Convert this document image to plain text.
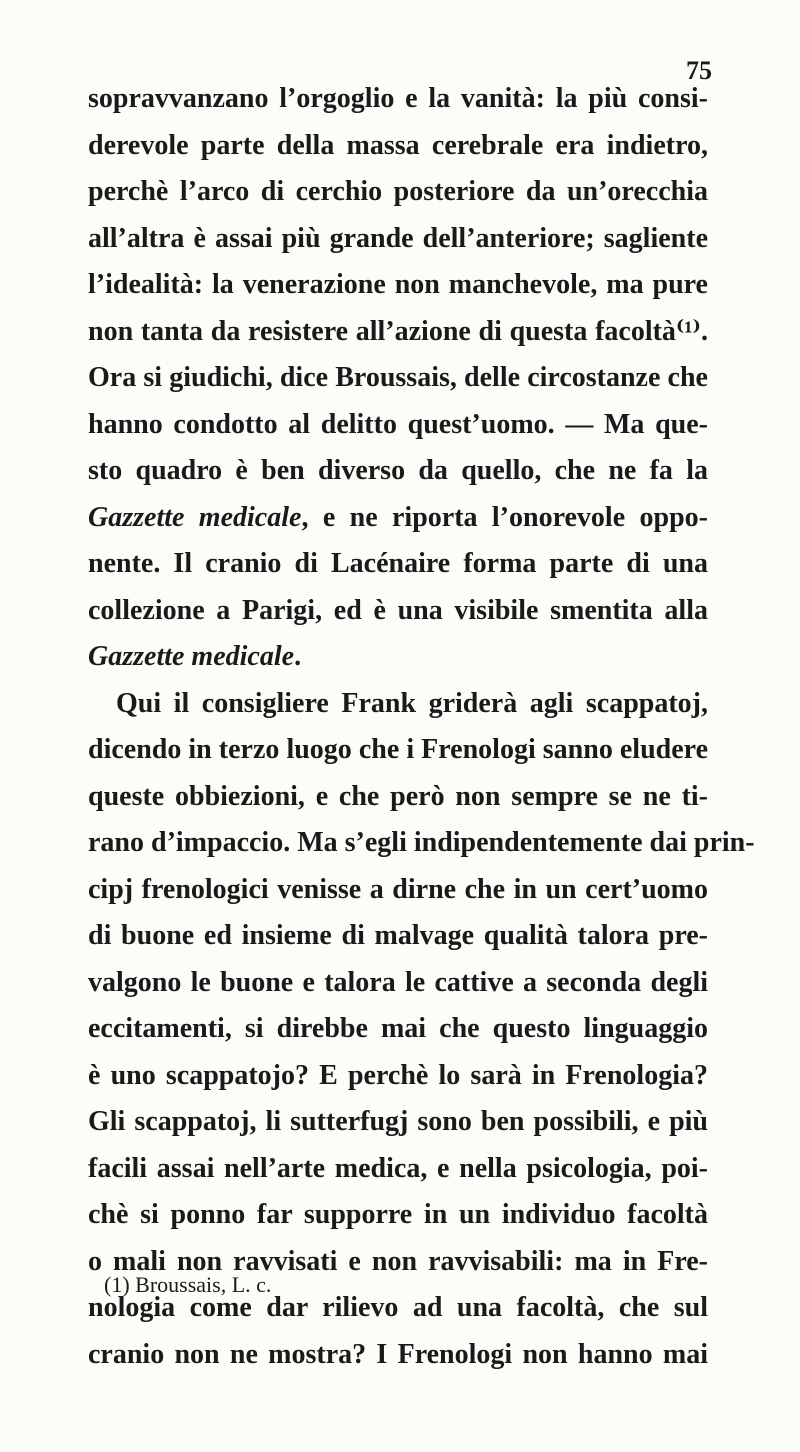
75
sopravvanzano l’orgoglio e la vanità: la più consi-
derevole parte della massa cerebrale era indietro,
perchè l’arco di cerchio posteriore da un’orecchia
all’altra è assai più grande dell’anteriore; sagliente
l’idealità: la venerazione non manchevole, ma pure
non tanta da resistere all’azione di questa facoltà⁽¹⁾.
Ora si giudichi, dice Broussais, delle circostanze che
hanno condotto al delitto quest’uomo. — Ma que-
sto quadro è ben diverso da quello, che ne fa la
Gazzette medicale, e ne riporta l’onorevole oppo-
nente. Il cranio di Lacénaire forma parte di una
collezione a Parigi, ed è una visibile smentita alla
Gazzette medicale.
Qui il consigliere Frank griderà agli scappatoj,
dicendo in terzo luogo che i Frenologi sanno eludere
queste obbiezioni, e che però non sempre se ne ti-
rano d’impaccio. Ma s’egli indipendentemente dai prin-
cipj frenologici venisse a dirne che in un cert’uomo
di buone ed insieme di malvage qualità talora pre-
valgono le buone e talora le cattive a seconda degli
eccitamenti, si direbbe mai che questo linguaggio
è uno scappatojo? E perchè lo sarà in Frenologia?
Gli scappatoj, li sutterfugj sono ben possibili, e più
facili assai nell’arte medica, e nella psicologia, poi-
chè si ponno far supporre in un individuo facoltà
o mali non ravvisati e non ravvisabili: ma in Fre-
nologia come dar rilievo ad una facoltà, che sul
cranio non ne mostra? I Frenologi non hanno mai
(1) Broussais, L. c.
